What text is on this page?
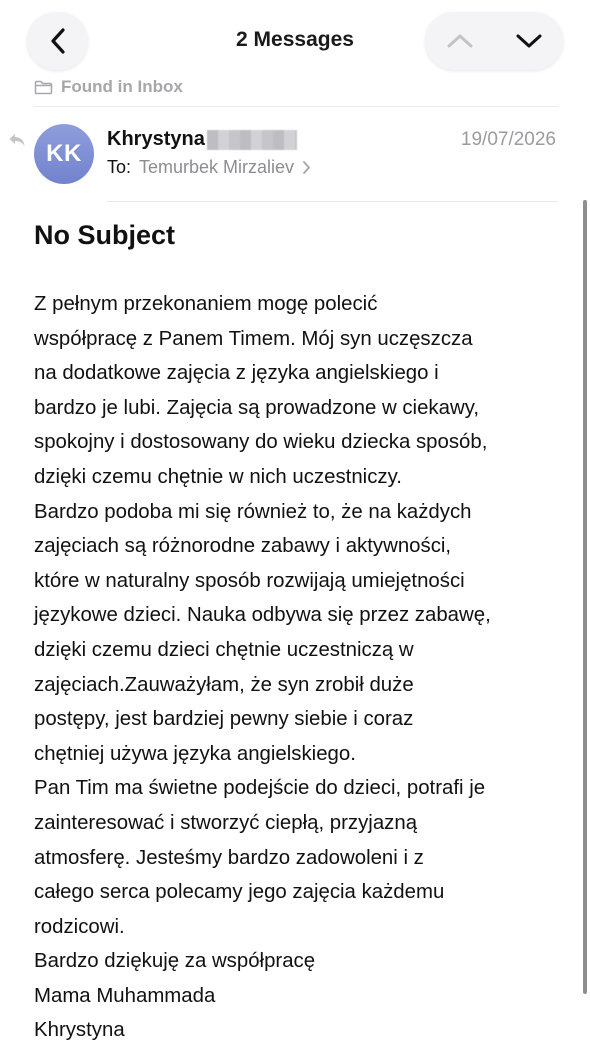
2 Messages
Found in Inbox
KK
Khrystyna	19/07/2026
To: Temurbek Mirzaliev
No Subject
Z pełnym przekonaniem mogę polecić
współpracę z Panem Timem. Mój syn uczęszcza
na dodatkowe zajęcia z języka angielskiego i
bardzo je lubi. Zajęcia są prowadzone w ciekawy,
spokojny i dostosowany do wieku dziecka sposób,
dzięki czemu chętnie w nich uczestniczy.
Bardzo podoba mi się również to, że na każdych
zajęciach są różnorodne zabawy i aktywności,
które w naturalny sposób rozwijają umiejętności
językowe dzieci. Nauka odbywa się przez zabawę,
dzięki czemu dzieci chętnie uczestniczą w
zajęciach.Zauważyłam, że syn zrobił duże
postępy, jest bardziej pewny siebie i coraz
chętniej używa języka angielskiego.
Pan Tim ma świetne podejście do dzieci, potrafi je
zainteresować i stworzyć ciepłą, przyjazną
atmosferę. Jesteśmy bardzo zadowoleni i z
całego serca polecamy jego zajęcia każdemu
rodzicowi.
Bardzo dziękuję za współpracę
Mama Muhammada
Khrystyna
